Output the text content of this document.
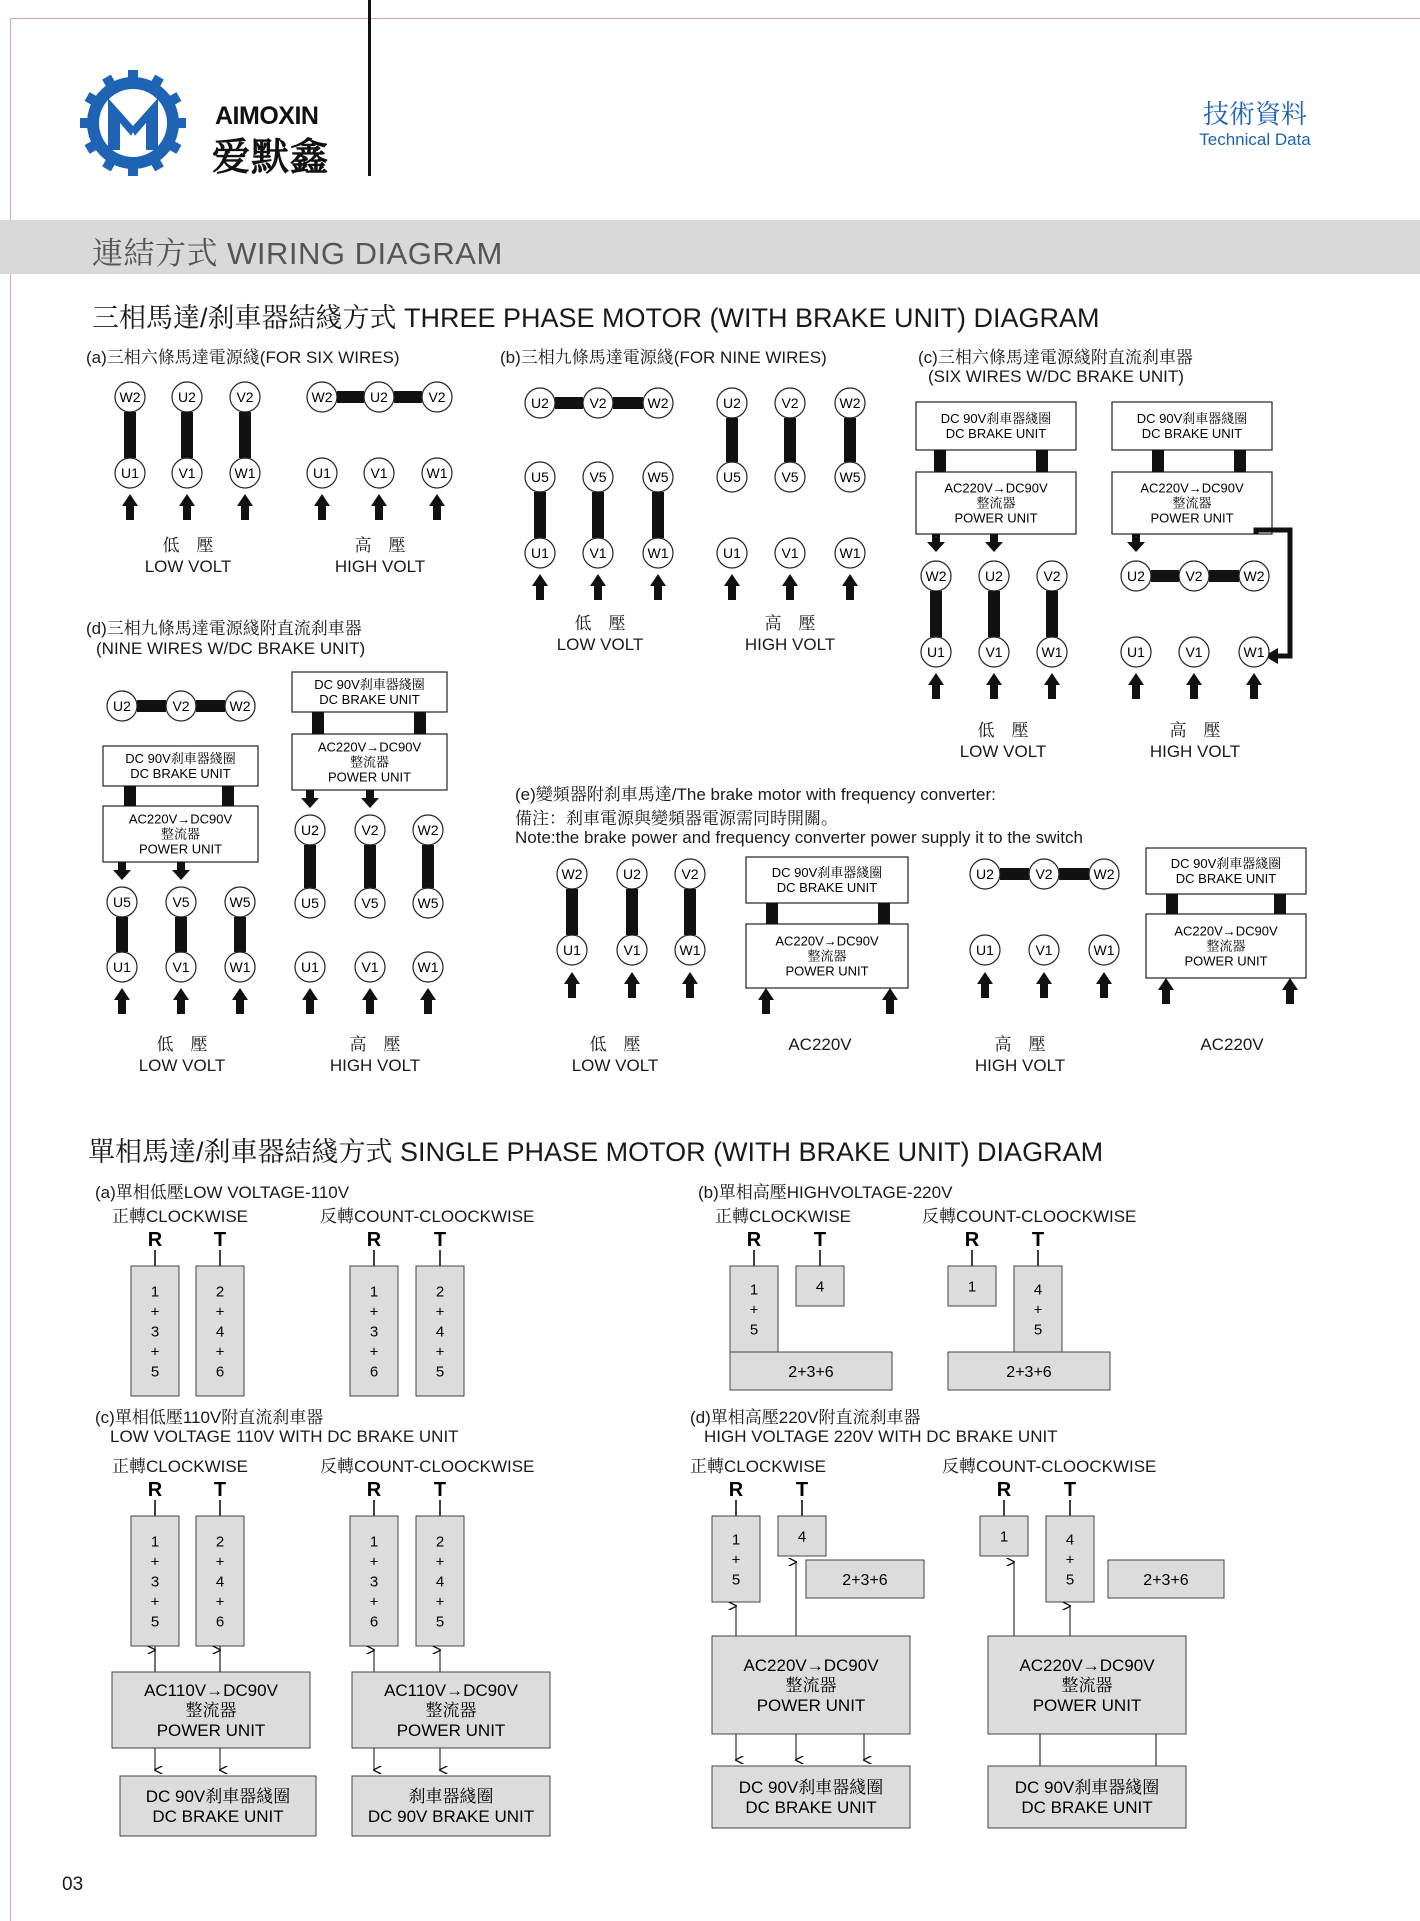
AIMOXIN
爱默鑫
技術資料
Technical Data
連結方式 WIRING DIAGRAM
三相馬達/刹車器結綫方式 THREE PHASE MOTOR (WITH BRAKE UNIT) DIAGRAM
(a)三相六條馬達電源綫(FOR SIX WIRES)	(b)三相九條馬達電源綫(FOR NINE WIRES)	(c)三相六條馬達電源綫附直流刹車器
(SIX WIRES W/DC BRAKE UNIT)
(d)三相九條馬達電源綫附直流刹車器
(NINE WIRES W/DC BRAKE UNIT)
(e)變頻器附刹車馬達/The brake motor with frequency converter:
備注：刹車電源與變頻器電源需同時開關。
Note:the brake power and frequency converter power supply it to the switch
W2	U2	V2
U1	V1	W1
W2	U2	V2
U1	V1	W1
U2	V2	W2
U5	V5	W5
U1	V1	W1
U2	V2	W2
U5	V5	W5
U1	V1	W1
DC 90V刹車器綫圈
DC BRAKE UNIT
AC220V→DC90V
整流器
POWER UNIT
W2	U2	V2
U1	V1	W1
DC 90V刹車器綫圈
DC BRAKE UNIT
AC220V→DC90V
整流器
POWER UNIT
U2	V2	W2
U1	V1	W1
U2	V2	W2
DC 90V刹車器綫圈
DC BRAKE UNIT
AC220V→DC90V
整流器
POWER UNIT
U5	V5	W5
U1	V1	W1
DC 90V刹車器綫圈
DC BRAKE UNIT
AC220V→DC90V
整流器
POWER UNIT
U2	V2	W2
U5	V5	W5
U1	V1	W1
W2	U2	V2
U1	V1	W1
DC 90V刹車器綫圈
DC BRAKE UNIT
AC220V→DC90V
整流器
POWER UNIT
U2	V2	W2
U1	V1	W1
DC 90V刹車器綫圈
DC BRAKE UNIT
AC220V→DC90V
整流器
POWER UNIT
低　壓
LOW VOLT
高　壓
HIGH VOLT
低　壓
LOW VOLT
高　壓
HIGH VOLT
低　壓
LOW VOLT
高　壓
HIGH VOLT
低　壓
LOW VOLT
高　壓
HIGH VOLT
低　壓
LOW VOLT
高　壓
HIGH VOLT
AC220V	AC220V
單相馬達/刹車器結綫方式 SINGLE PHASE MOTOR (WITH BRAKE UNIT) DIAGRAM
(a)單相低壓LOW VOLTAGE-110V	(b)單相高壓HIGHVOLTAGE-220V
正轉CLOCKWISE	反轉COUNT-CLOOCKWISE	正轉CLOCKWISE	反轉COUNT-CLOOCKWISE
(c)單相低壓110V附直流刹車器
LOW VOLTAGE 110V WITH DC BRAKE UNIT
正轉CLOCKWISE	反轉COUNT-CLOOCKWISE
(d)單相高壓220V附直流刹車器
HIGH VOLTAGE 220V WITH DC BRAKE UNIT
正轉CLOCKWISE	反轉COUNT-CLOOCKWISE
R	T
1
+
3
+
5
2
+
4
+
6
R	T
1
+
3
+
6
2
+
4
+
5
R	T
1
+
5
4
2+3+6
R	T
1	4
+
5
2+3+6
R	T
1
+
3
+
5
2
+
4
+
6
AC110V→DC90V
整流器
POWER UNIT
DC 90V刹車器綫圈
DC BRAKE UNIT
R	T
1
+
3
+
6
2
+
4
+
5
AC110V→DC90V
整流器
POWER UNIT
刹車器綫圈
DC 90V BRAKE UNIT
R	T
1
+
5
4
2+3+6
AC220V→DC90V
整流器
POWER UNIT
DC 90V刹車器綫圈
DC BRAKE UNIT
R	T
1	4
+
5	2+3+6
AC220V→DC90V
整流器
POWER UNIT
DC 90V刹車器綫圈
DC BRAKE UNIT
03
